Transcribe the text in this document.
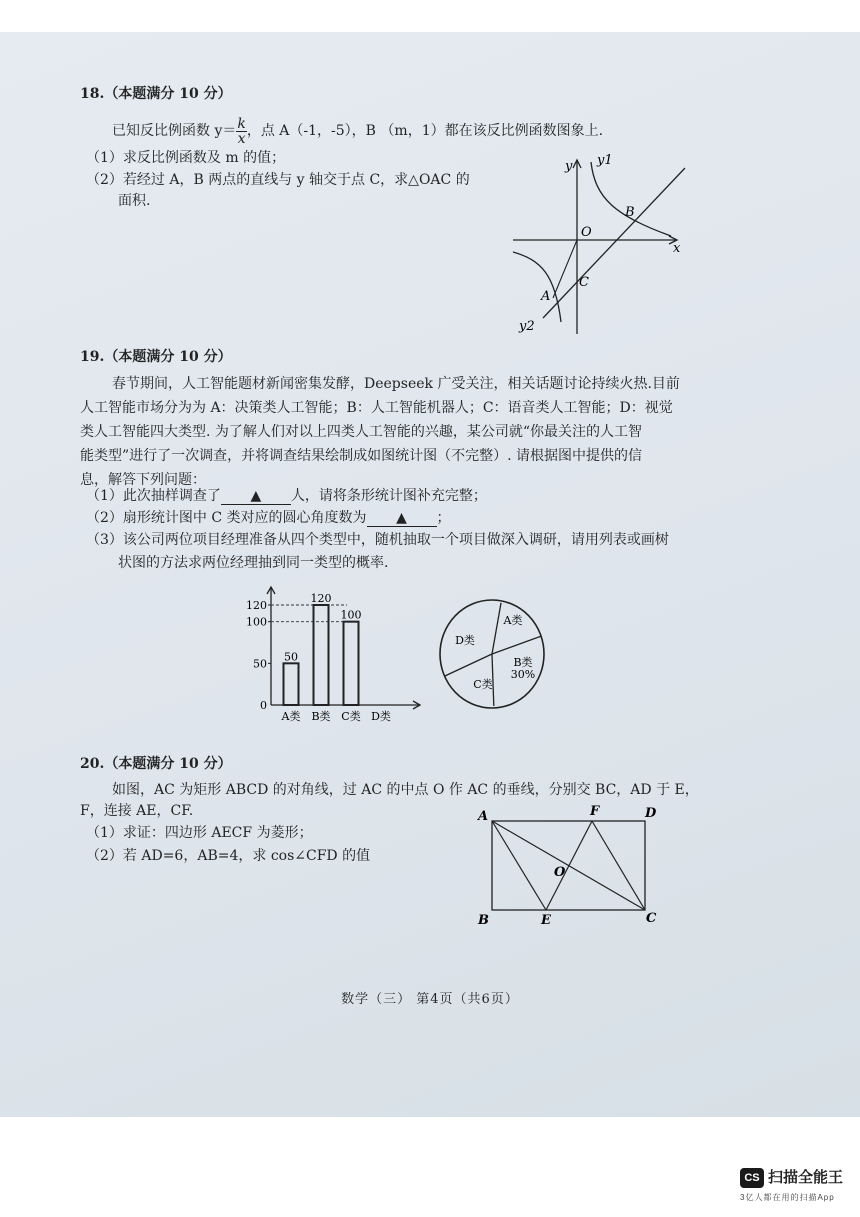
18.（本题满分 10 分）
已知反比例函数 $y= \frac{k}{x}$ ，点 A（-1，-5），B （m，1）都在该反比例函数图象上.
（1）求反比例函数及 m 的值；
（2）若经过 A，B 两点的直线与 y 轴交于点 C，求△OAC 的
面积.
y y1
x
O
B
C
A
y2
19.（本题满分 10 分）
春节期间，人工智能题材新闻密集发酵，Deepseek 广受关注，相关话题讨论持续火热.目前
人工智能市场分为为 A：决策类人工智能；B：人工智能机器人；C：语音类人工智能；D：视觉
类人工智能四大类型. 为了解人们对以上四类人工智能的兴趣，某公司就“你最关注的人工智
能类型”进行了一次调查，并将调查结果绘制成如图统计图（不完整）. 请根据图中提供的信
息，解答下列问题：
（1）此次抽样调查了 ▲ 人，请将条形统计图补充完整；
（2）扇形统计图中 C 类对应的圆心角度数为 ▲ ；
（3）该公司两位项目经理准备从四个类型中，随机抽取一个项目做深入调研，请用列表或画树
状图的方法求两位经理抽到同一类型的概率.
0
50
100
120
A类
50
B类
120
C类
100
D类
A类
B类
C类
D类
30%
20.（本题满分 10 分）
如图，AC 为矩形 ABCD 的对角线，过 AC 的中点 O 作 AC 的垂线，分别交 BC，AD 于 E，
F，连接 AE，CF.
（1）求证：四边形 AECF 为菱形；
（2）若 AD=6，AB=4，求 cos∠CFD 的值
A	F	D
O
B	E	C
数学（三） 第4页（共6页）
CS 扫描全能王
3亿人都在用的扫描App
